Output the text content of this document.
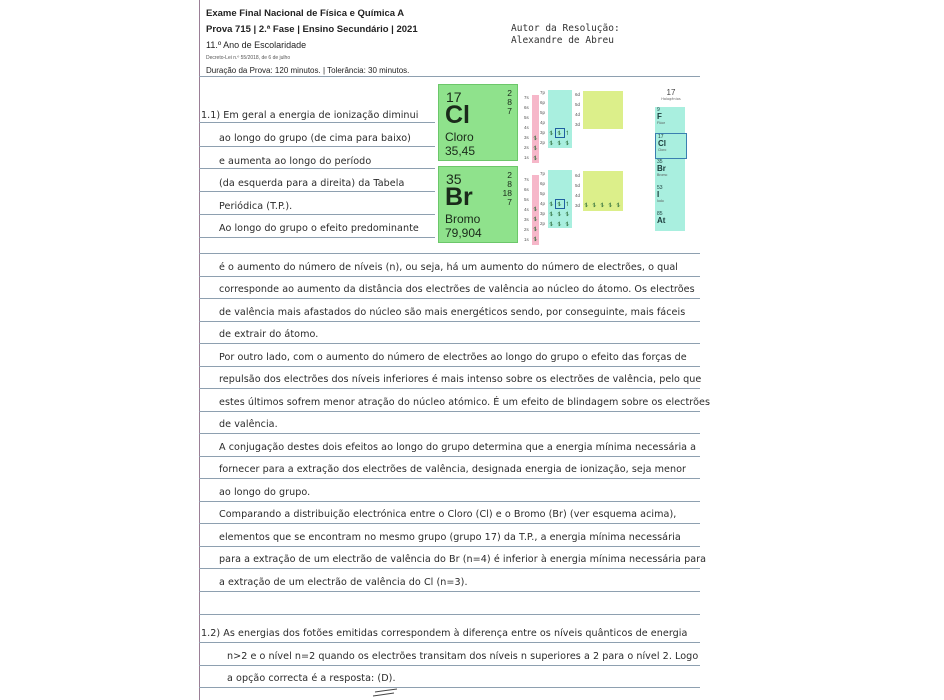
Exame Final Nacional de Física e Química A
Prova 715 | 2.ª Fase | Ensino Secundário | 2021
11.º Ano de Escolaridade
Decreto-Lei n.º 55/2018, de 6 de julho
Duração da Prova: 120 minutos. | Tolerância: 30 minutos.
Autor da Resolução:
Alexandre de Abreu
17
Cl
Cloro
35,45
2
8
7
35
Br
Bromo
79,904
2
8
18
7
7s
6s
5s
4s
3s
2s
1s
⥮
⥮
⥮
7p
6p
5p
4p
3p
2p
⥮ ⥮ ↿
⥮ ⥮ ⥮
6d
5d
4d
3d
7s
6s
5s
4s
3s
2s
1s
⥮
⥮
⥮
⥮
7p
6p
5p
4p
3p
2p
⥮ ⥮ ↿
⥮ ⥮ ⥮
⥮ ⥮ ⥮
6d
5d
4d
3d ⥮ ⥮ ⥮ ⥮ ⥮
17
Halogénios
9
F
Flúor
17
Cl
Cloro
35
Br
Bromo
53
I
Iodo
85
At
1.1) Em geral a energia de ionização diminui
ao longo do grupo (de cima para baixo)
e aumenta ao longo do período
(da esquerda para a direita) da Tabela
Periódica (T.P.).
Ao longo do grupo o efeito predominante
é o aumento do número de níveis (n), ou seja, há um aumento do número de electrões, o qual
corresponde ao aumento da distância dos electrões de valência ao núcleo do átomo. Os electrões
de valência mais afastados do núcleo são mais energéticos sendo, por conseguinte, mais fáceis
de extrair do átomo.
Por outro lado, com o aumento do número de electrões ao longo do grupo o efeito das forças de
repulsão dos electrões dos níveis inferiores é mais intenso sobre os electrões de valência, pelo que
estes últimos sofrem menor atração do núcleo atómico. É um efeito de blindagem sobre os electrões
de valência.
A conjugação destes dois efeitos ao longo do grupo determina que a energia mínima necessária a
fornecer para a extração dos electrões de valência, designada energia de ionização, seja menor
ao longo do grupo.
Comparando a distribuição electrónica entre o Cloro (Cl) e o Bromo (Br) (ver esquema acima),
elementos que se encontram no mesmo grupo (grupo 17) da T.P., a energia mínima necessária
para a extração de um electrão de valência do Br (n=4) é inferior à energia mínima necessária para
a extração de um electrão de valência do Cl (n=3).
1.2) As energias dos fotões emitidas correspondem à diferença entre os níveis quânticos de energia
n>2 e o nível n=2 quando os electrões transitam dos níveis n superiores a 2 para o nível 2. Logo
a opção correcta é a resposta: (D).
